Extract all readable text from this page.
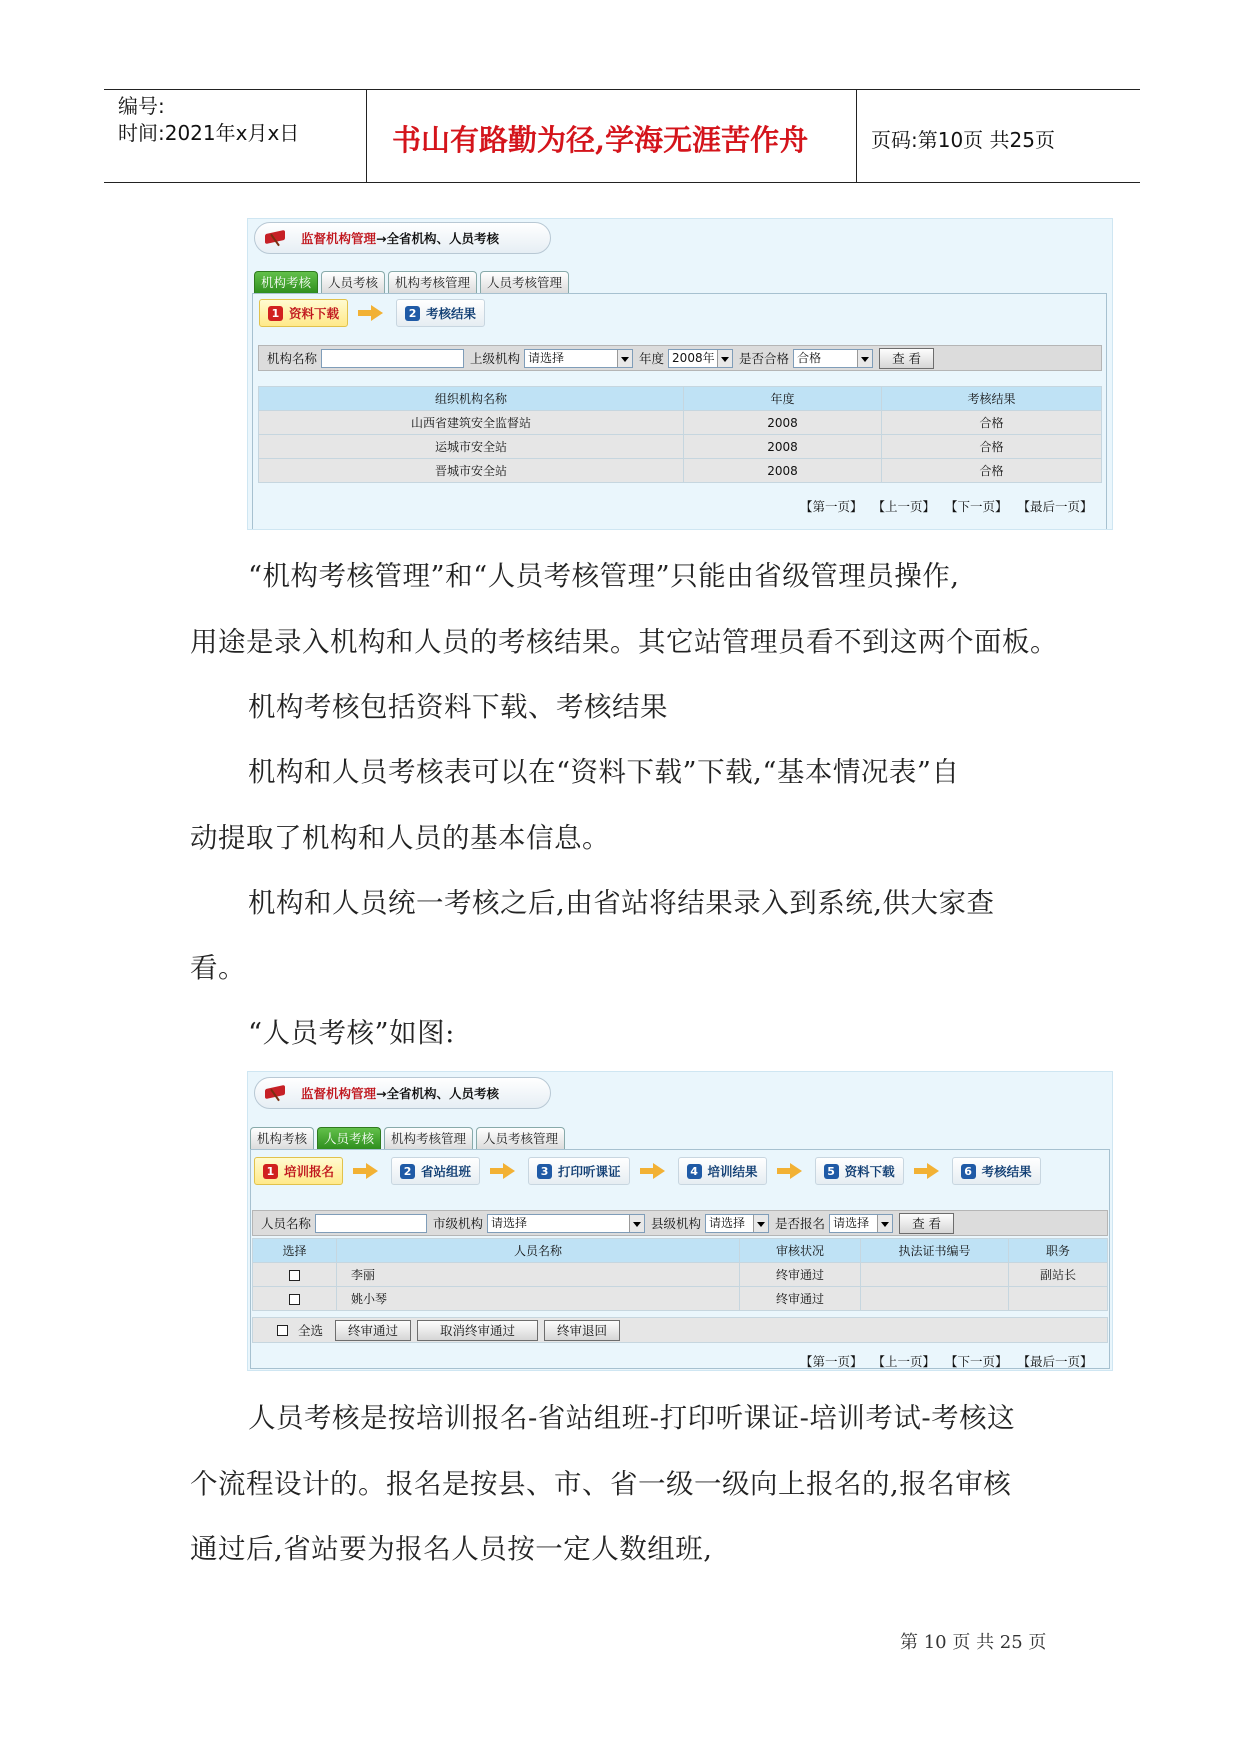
编号:
时间:2021年x月x日	书山有路勤为径,学海无涯苦作舟	页码:第10页 共25页
监督机构管理 →全省机构、人员考核
机构考核	人员考核	机构考核管理	人员考核管理
1 资料下载	2 考核结果
机构名称	上级机构 请选择	年度 2008年	是否合格 合格	查 看
组织机构名称	年度	考核结果
山西省建筑安全监督站	2008	合格
运城市安全站	2008	合格
晋城市安全站	2008	合格
【第一页】 【上一页】 【下一页】 【最后一页】
“机构考核管理”和“人员考核管理”只能由省级管理员操作,
用途是录入机构和人员的考核结果。其它站管理员看不到这两个面板。
机构考核包括资料下载、考核结果
机构和人员考核表可以在“资料下载”下载,“基本情况表”自
动提取了机构和人员的基本信息。
机构和人员统一考核之后,由省站将结果录入到系统,供大家查
看。
“人员考核”如图:
监督机构管理 →全省机构、人员考核
机构考核	人员考核	机构考核管理	人员考核管理
1 培训报名	2 省站组班	3 打印听课证	4 培训结果	5 资料下载	6 考核结果
人员名称	市级机构 请选择	县级机构 请选择	是否报名 请选择	查 看
选择	人员名称	审核状况	执法证书编号	职务
	李丽	终审通过		副站长
	姚小琴	终审通过		
全选	终审通过	取消终审通过	终审退回
【第一页】 【上一页】 【下一页】 【最后一页】
人员考核是按培训报名-省站组班-打印听课证-培训考试-考核这
个流程设计的。报名是按县、市、省一级一级向上报名的,报名审核
通过后,省站要为报名人员按一定人数组班,
第 10 页 共 25 页
